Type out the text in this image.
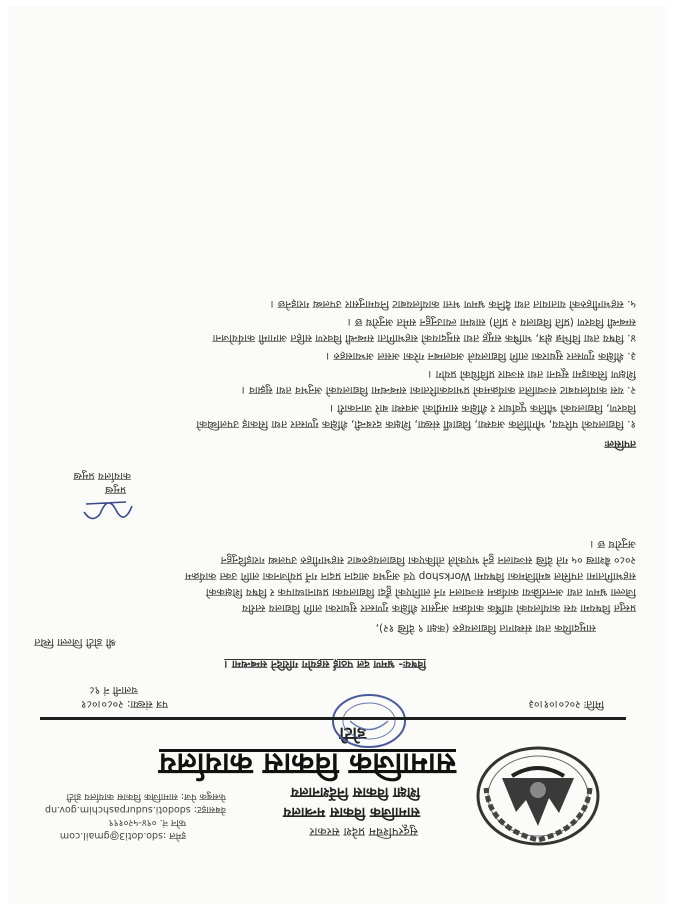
सुदूरपश्चिम प्रदेश सरकार
सामाजिक विकास मन्त्रालय
शिक्षा विकास निर्देशनालय
सामाजिक विकास कार्यालय
डोटी
इमेल :sdo.doti3@gmail.com
फोन नं. ०९४-५२०१९९
वेबसाइट: sdodoti.sudurpashchim.gov.np
फेसबुक पेज: सामाजिक विकास कार्यालय डोटी
पत्र संख्या: २०८०।०८१
चलानी नं ९८
मितिः २०८०।०१।०३
विषयः- भ्रमण दल पठाई सहयोग गरिदिने सम्बन्धमा ।
श्री डोटी जिल्ला स्थित
सामुदायिक तथा संस्थागत विद्यालयहरु (कक्षा ९ देखि १२),
प्रस्तुत विषयमा यस कार्यालयको वार्षिक कार्यक्रम अनुसार शैक्षिक गुणस्तर सुधारका लागि विद्यालय स्तरीय
जिल्ला भ्रमण तथा अन्तरक्रिया कार्यक्रम सञ्चालन गर्न लागिएको हुँदा विद्यालयका प्रधानाध्यापक र विषय शिक्षकको
सहभागितामा तपसिल बमोजिमका विषयमा Workshop एवं अनुभव आदान प्रदान गर्ने प्रयोजनका लागि उक्त कार्यक्रम
२०८० बैशाख ०५ गते देखि सञ्चालन हुने भएकोले तोकिएका विद्यालयहरुबाट सहभागीहरु उपलब्ध गराइदिनुहुन
अनुरोध छ ।
प्रमुख
कार्यालय प्रमुख
तपसिलः
१. विद्यालयको परिचय, भौगोलिक अवस्था, विद्यार्थी संख्या, शिक्षक दरबन्दी, शैक्षिक गुणस्तर तथा सिकाइ उपलब्धिको
विवरण, विद्यालयको भौतिक पूर्वाधार र शैक्षिक सामग्रीको अवस्था बारे जानकारी ।
२. यस कार्यालयबाट सञ्चालित कार्यक्रमको प्रभावकारिताका सम्बन्धमा विद्यालयको अनुभव तथा सुझाव ।
शिक्षण सिकाइमा सूचना तथा सञ्चार प्रविधिको प्रयोग ।
३. शैक्षिक गुणस्तर सुधारका लागि विद्यालयले अवलम्बन गरेका असल अभ्यासहरु ।
४. विषय तथा विभिन्न क्षेत्र, भाषिक समूह तथा समुदायको सहभागिता सम्बन्धी विवरण सहित आगामी कार्ययोजना
सम्बन्धी विवरण (प्रति विद्यालय २ प्रति) साथमा ल्याउनुहुन समेत अनुरोध छ ।
५. सहभागीहरुको यातायात तथा दैनिक भ्रमण भत्ता कार्यालयबाट नियमानुसार उपलब्ध गराइनेछ ।
